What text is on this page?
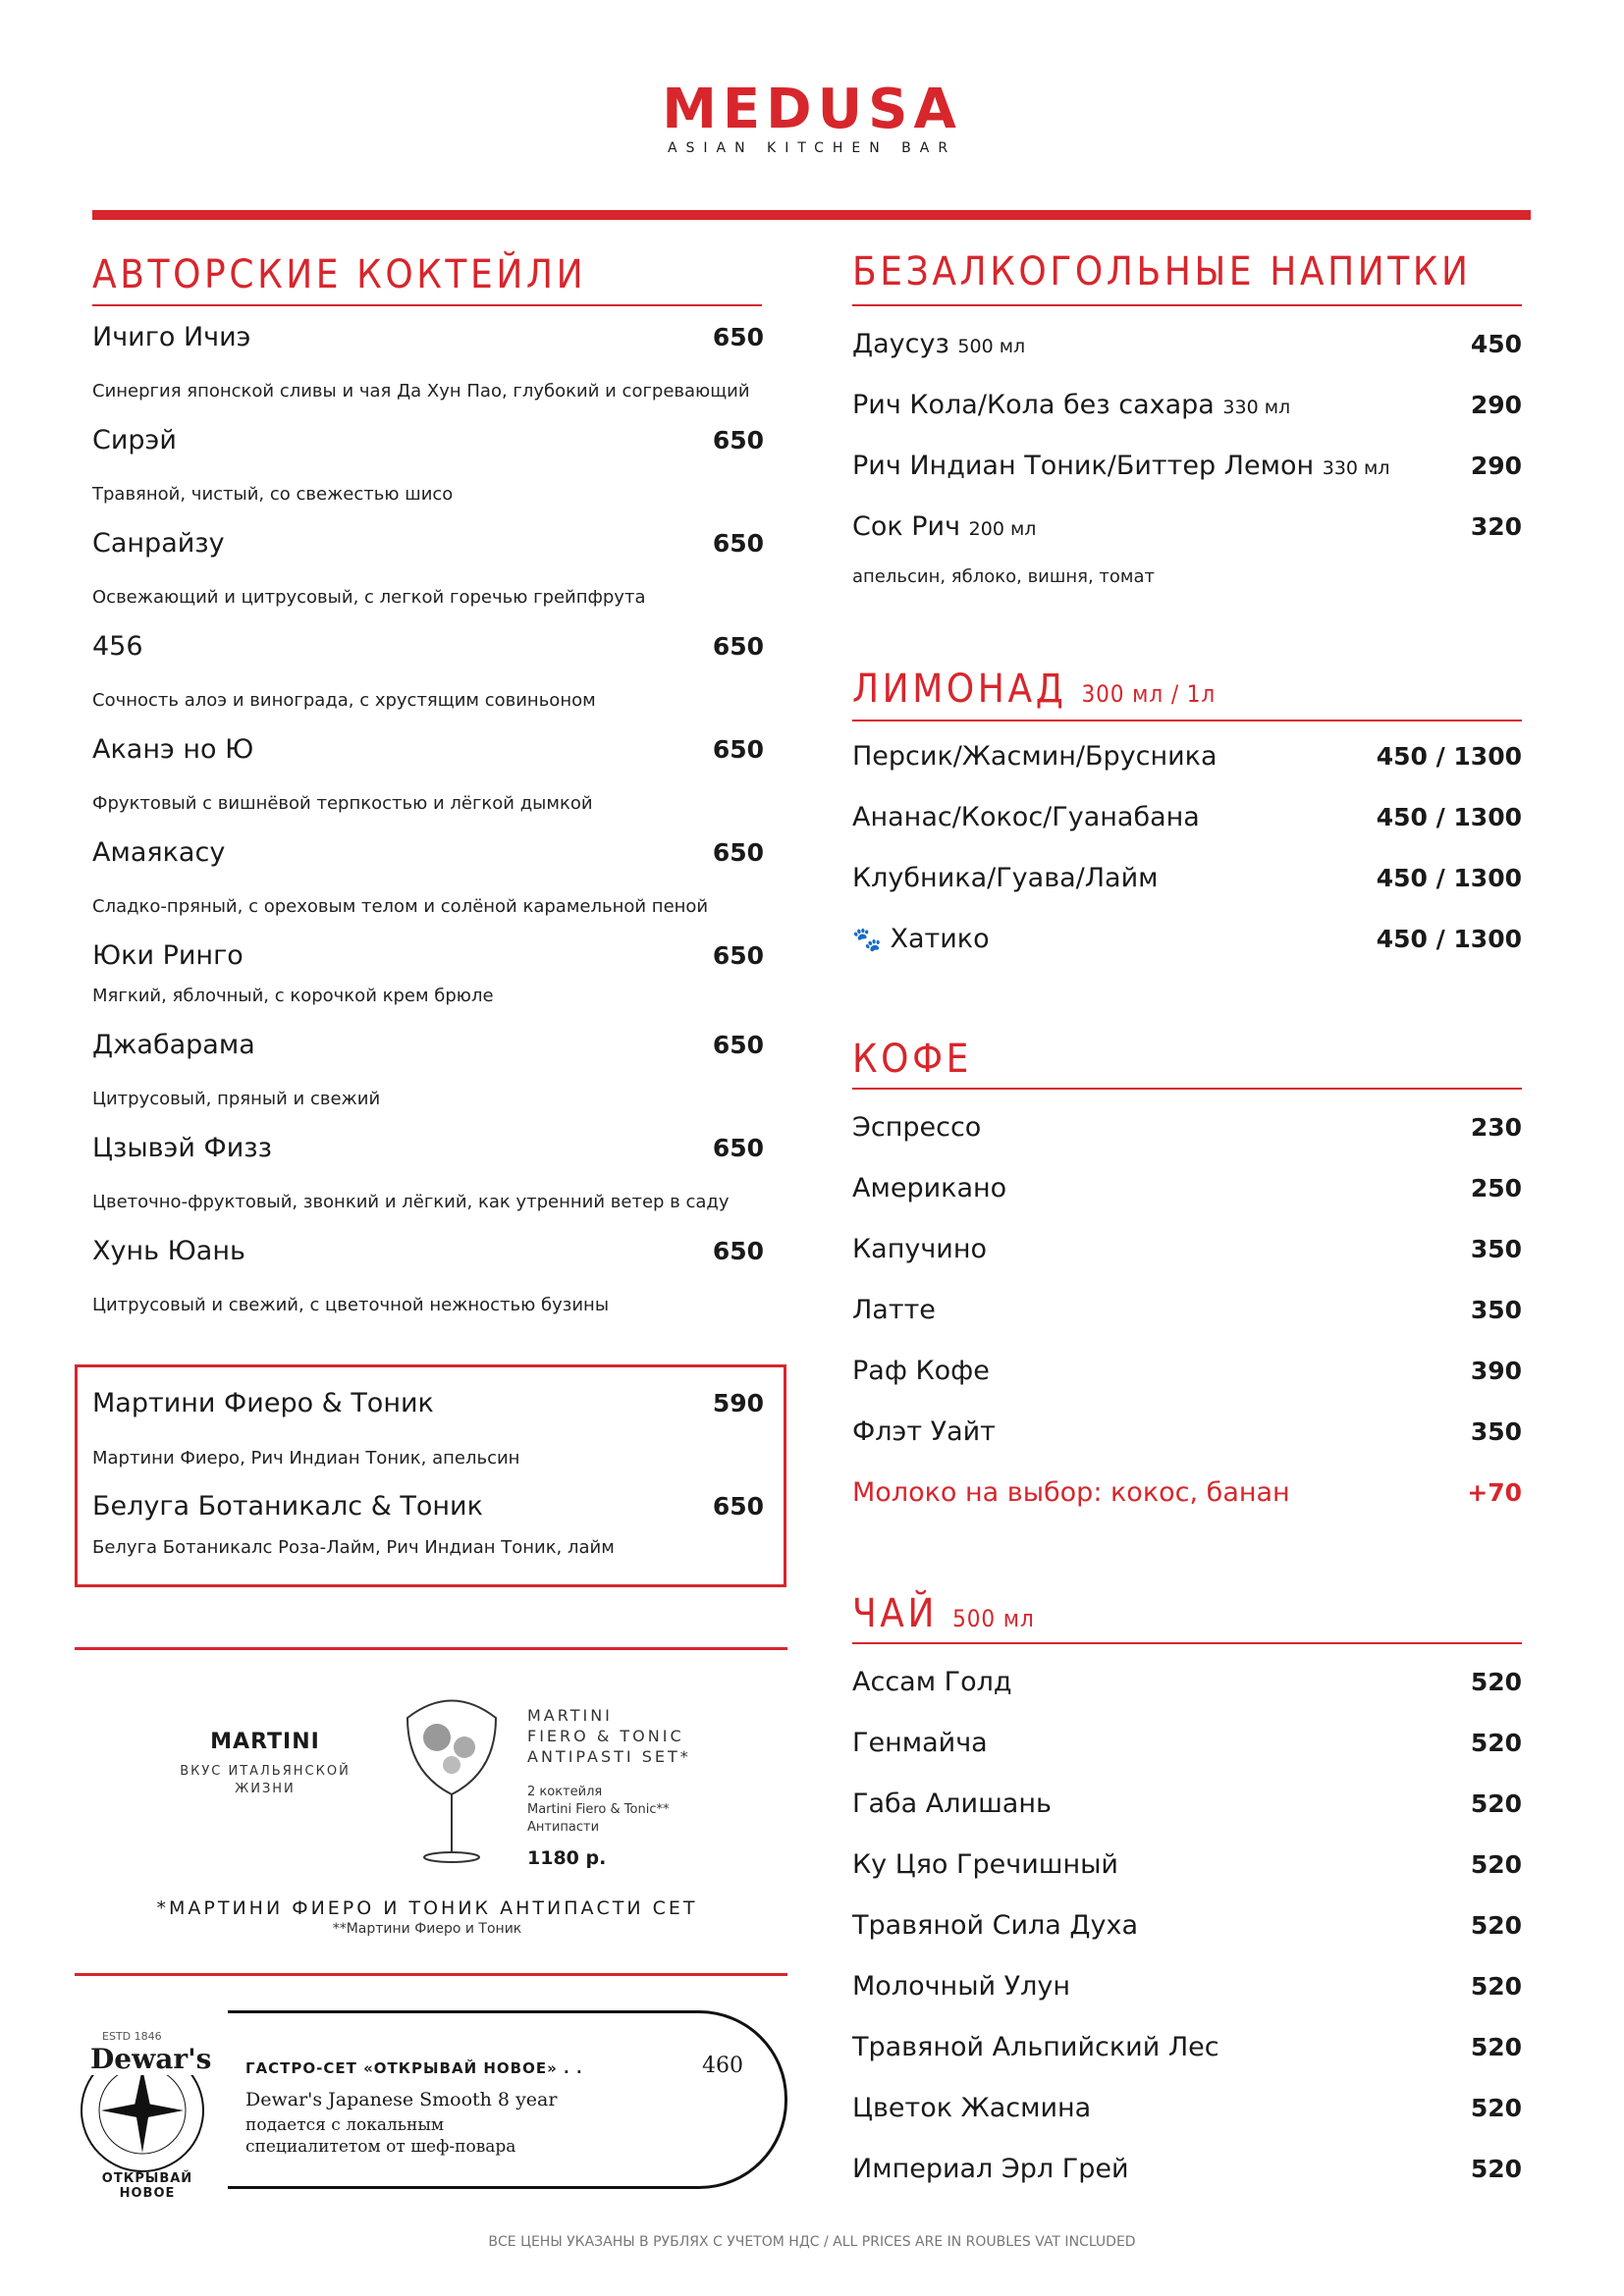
MEDUSA
ASIAN KITCHEN BAR
АВТОРСКИЕ КОКТЕЙЛИ
Ичиго Ичиэ	650
Синергия японской сливы и чая Да Хун Пао, глубокий и согревающий
Сирэй	650
Травяной, чистый, со свежестью шисо
Санрайзу	650
Освежающий и цитрусовый, с легкой горечью грейпфрута
456	650
Сочность алоэ и винограда, с хрустящим совиньоном
Аканэ но Ю	650
Фруктовый с вишнёвой терпкостью и лёгкой дымкой
Амаякасу	650
Сладко-пряный, с ореховым телом и солёной карамельной пеной
Юки Ринго	650
Мягкий, яблочный, с корочкой крем брюле
Джабарама	650
Цитрусовый, пряный и свежий
Цзывэй Физз	650
Цветочно-фруктовый, звонкий и лёгкий, как утренний ветер в саду
Хунь Юань	650
Цитрусовый и свежий, с цветочной нежностью бузины
Мартини Фиеро & Тоник	590
Мартини Фиеро, Рич Индиан Тоник, апельсин
Белуга Ботаникалс & Тоник	650
Белуга Ботаникалс Роза-Лайм, Рич Индиан Тоник, лайм
MARTINI
ВКУС ИТАЛЬЯНСКОЙ
ЖИЗНИ
MARTINI
FIERO & TONIC
ANTIPASTI SET*
2 коктейля
Martini Fiero & Tonic**
Антипасти
1180 р.
*МАРТИНИ ФИЕРО И ТОНИК АНТИПАСТИ СЕТ
**Мартини Фиеро и Тоник
ESTD 1846
Dewar's
ОТКРЫВАЙ НОВОЕ
ГАСТРО-СЕТ «ОТКРЫВАЙ НОВОЕ» . .	460
Dewar's Japanese Smooth 8 year
подается с локальным
специалитетом от шеф-повара
БЕЗАЛКОГОЛЬНЫЕ НАПИТКИ
Даусуз 500 мл	450
Рич Кола/Кола без сахара 330 мл	290
Рич Индиан Тоник/Биттер Лемон 330 мл	290
Сок Рич 200 мл	320
апельсин, яблоко, вишня, томат
ЛИМОНАД 300 мл / 1л
Персик/Жасмин/Брусника	450 / 1300
Ананас/Кокос/Гуанабана	450 / 1300
Клубника/Гуава/Лайм	450 / 1300
🐾 Хатико	450 / 1300
КОФЕ
Эспрессо	230
Американо	250
Капучино	350
Латте	350
Раф Кофе	390
Флэт Уайт	350
Молоко на выбор: кокос, банан	+70
ЧАЙ 500 мл
Ассам Голд	520
Генмайча	520
Габа Алишань	520
Ку Цяо Гречишный	520
Травяной Сила Духа	520
Молочный Улун	520
Травяной Альпийский Лес	520
Цветок Жасмина	520
Империал Эрл Грей	520
ВСЕ ЦЕНЫ УКАЗАНЫ В РУБЛЯХ С УЧЕТОМ НДС / ALL PRICES ARE IN ROUBLES VAT INCLUDED
